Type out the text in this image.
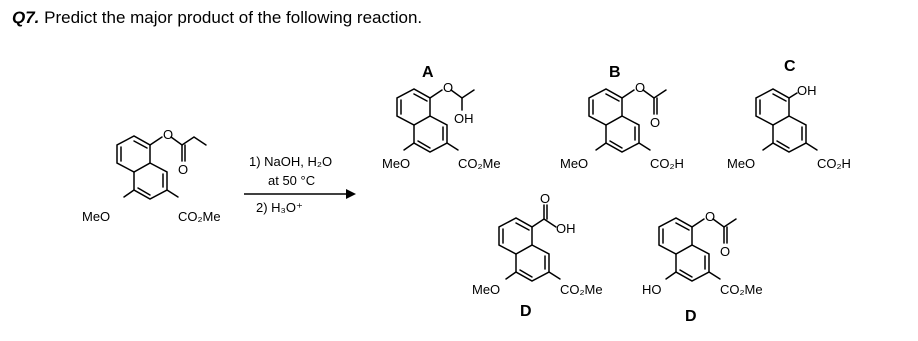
Q7. Predict the major product of the following reaction.
O
O
MeO	CO₂Me
1) NaOH, H₂O
at 50 °C
2) H₃O⁺
A
O
OH
MeO	CO₂Me
B
O
O
MeO	CO₂H
C
OH
MeO	CO₂H
O
OH
MeO	CO₂Me
D
O
O
HO	CO₂Me
D
